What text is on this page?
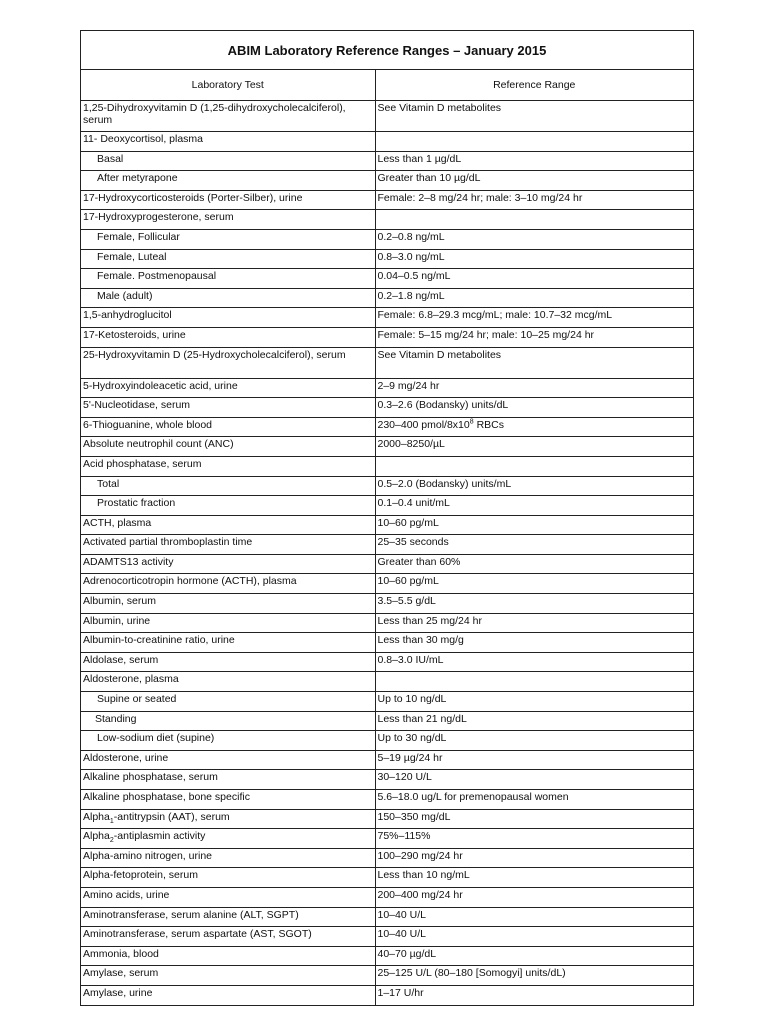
ABIM Laboratory Reference Ranges – January 2015
Laboratory Test	Reference Range
1,25-Dihydroxyvitamin D (1,25-dihydroxycholecalciferol), serum	See Vitamin D metabolites
11- Deoxycortisol, plasma	
Basal	Less than 1 µg/dL
After metyrapone	Greater than 10 µg/dL
17-Hydroxycorticosteroids (Porter-Silber), urine	Female: 2–8 mg/24 hr; male: 3–10 mg/24 hr
17-Hydroxyprogesterone, serum	
Female, Follicular	0.2–0.8 ng/mL
Female, Luteal	0.8–3.0 ng/mL
Female. Postmenopausal	0.04–0.5 ng/mL
Male (adult)	0.2–1.8 ng/mL
1,5-anhydroglucitol	Female: 6.8–29.3 mcg/mL; male: 10.7–32 mcg/mL
17-Ketosteroids, urine	Female: 5–15 mg/24 hr; male: 10–25 mg/24 hr
25-Hydroxyvitamin D (25-Hydroxycholecalciferol), serum	See Vitamin D metabolites
5-Hydroxyindoleacetic acid, urine	2–9 mg/24 hr
5'-Nucleotidase, serum	0.3–2.6 (Bodansky) units/dL
6-Thioguanine, whole blood	230–400 pmol/$8x10^8$ RBCs
Absolute neutrophil count (ANC)	2000–8250/µL
Acid phosphatase, serum	
Total	0.5–2.0 (Bodansky) units/mL
Prostatic fraction	0.1–0.4 unit/mL
ACTH, plasma	10–60 pg/mL
Activated partial thromboplastin time	25–35 seconds
ADAMTS13 activity	Greater than 60%
Adrenocorticotropin hormone (ACTH), plasma	10–60 pg/mL
Albumin, serum	3.5–5.5 g/dL
Albumin, urine	Less than 25 mg/24 hr
Albumin-to-creatinine ratio, urine	Less than 30 mg/g
Aldolase, serum	0.8–3.0 IU/mL
Aldosterone, plasma	
Supine or seated	Up to 10 ng/dL
Standing	Less than 21 ng/dL
Low-sodium diet (supine)	Up to 30 ng/dL
Aldosterone, urine	5–19 µg/24 hr
Alkaline phosphatase, serum	30–120 U/L
Alkaline phosphatase, bone specific	5.6–18.0 ug/L for premenopausal women
Alpha$_1$-antitrypsin (AAT), serum	150–350 mg/dL
Alpha$_2$-antiplasmin activity	75%–115%
Alpha-amino nitrogen, urine	100–290 mg/24 hr
Alpha-fetoprotein, serum	Less than 10 ng/mL
Amino acids, urine	200–400 mg/24 hr
Aminotransferase, serum alanine (ALT, SGPT)	10–40 U/L
Aminotransferase, serum aspartate (AST, SGOT)	10–40 U/L
Ammonia, blood	40–70 µg/dL
Amylase, serum	25–125 U/L (80–180 [Somogyi] units/dL)
Amylase, urine	1–17 U/hr
